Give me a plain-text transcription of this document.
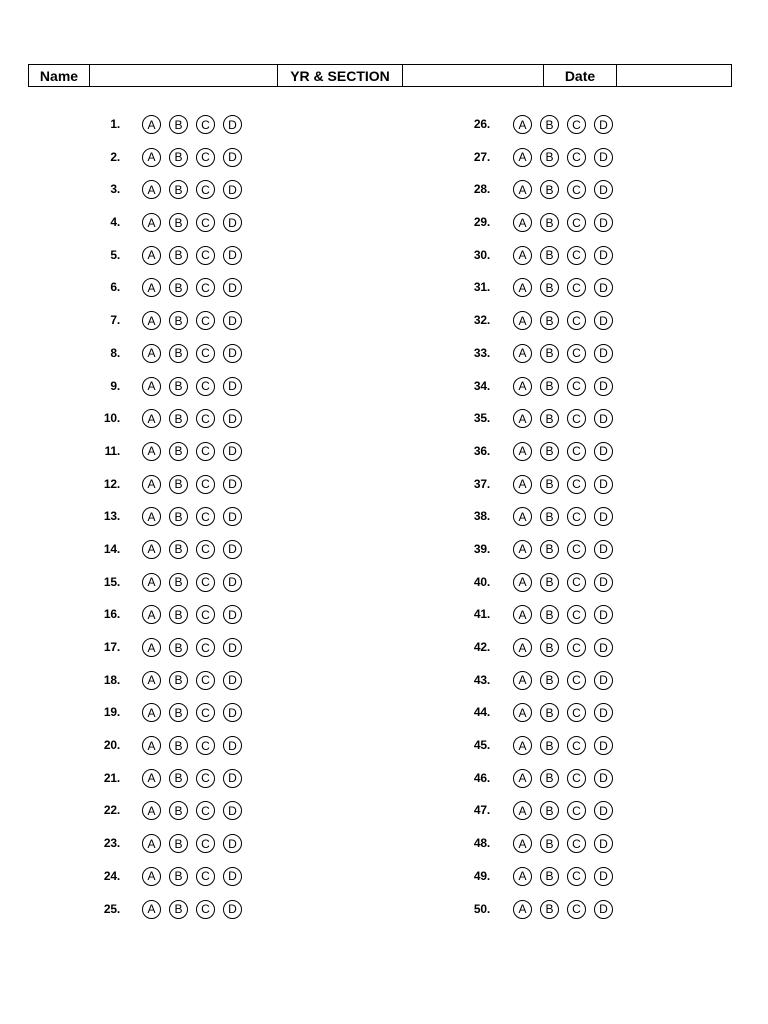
Name		YR & SECTION		Date	
1.	A	B	C	D
2.	A	B	C	D
3.	A	B	C	D
4.	A	B	C	D
5.	A	B	C	D
6.	A	B	C	D
7.	A	B	C	D
8.	A	B	C	D
9.	A	B	C	D
10.	A	B	C	D
11.	A	B	C	D
12.	A	B	C	D
13.	A	B	C	D
14.	A	B	C	D
15.	A	B	C	D
16.	A	B	C	D
17.	A	B	C	D
18.	A	B	C	D
19.	A	B	C	D
20.	A	B	C	D
21.	A	B	C	D
22.	A	B	C	D
23.	A	B	C	D
24.	A	B	C	D
25.	A	B	C	D
26.	A	B	C	D
27.	A	B	C	D
28.	A	B	C	D
29.	A	B	C	D
30.	A	B	C	D
31.	A	B	C	D
32.	A	B	C	D
33.	A	B	C	D
34.	A	B	C	D
35.	A	B	C	D
36.	A	B	C	D
37.	A	B	C	D
38.	A	B	C	D
39.	A	B	C	D
40.	A	B	C	D
41.	A	B	C	D
42.	A	B	C	D
43.	A	B	C	D
44.	A	B	C	D
45.	A	B	C	D
46.	A	B	C	D
47.	A	B	C	D
48.	A	B	C	D
49.	A	B	C	D
50.	A	B	C	D
